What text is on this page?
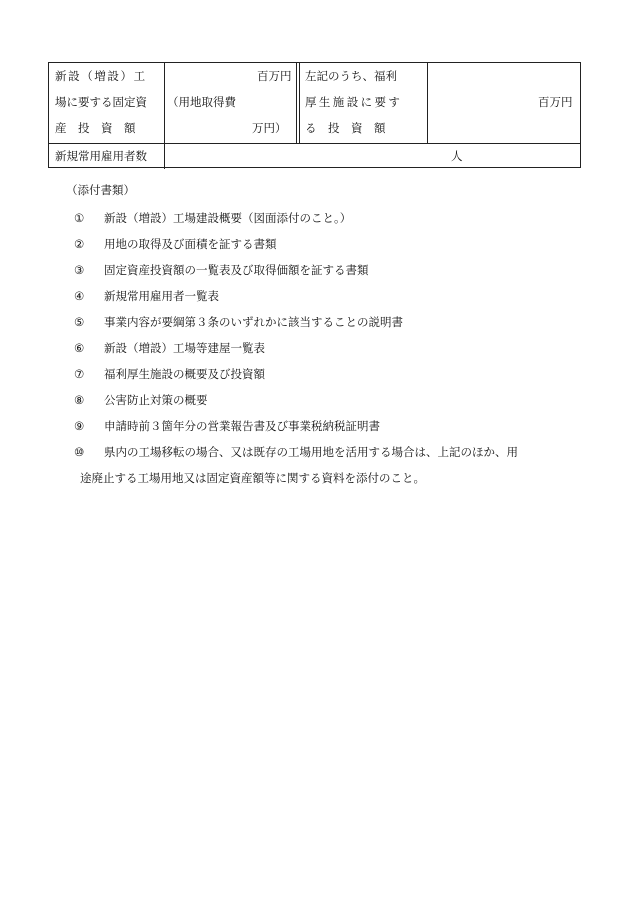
新設（増設）工
場に要する固定資
産　投　資　額
百万円
（用地取得費
万円）
左記のうち、福利
厚生施設に要す
る　投　資　額
百万円
新規常用雇用者数	人
（添付書類）
① 新設（増設）工場建設概要（図面添付のこと。）
② 用地の取得及び面積を証する書類
③ 固定資産投資額の一覧表及び取得価額を証する書類
④ 新規常用雇用者一覧表
⑤ 事業内容が要綱第３条のいずれかに該当することの説明書
⑥ 新設（増設）工場等建屋一覧表
⑦ 福利厚生施設の概要及び投資額
⑧ 公害防止対策の概要
⑨ 申請時前３箇年分の営業報告書及び事業税納税証明書
⑩ 県内の工場移転の場合、又は既存の工場用地を活用する場合は、上記のほか、用
途廃止する工場用地又は固定資産額等に関する資料を添付のこと。
